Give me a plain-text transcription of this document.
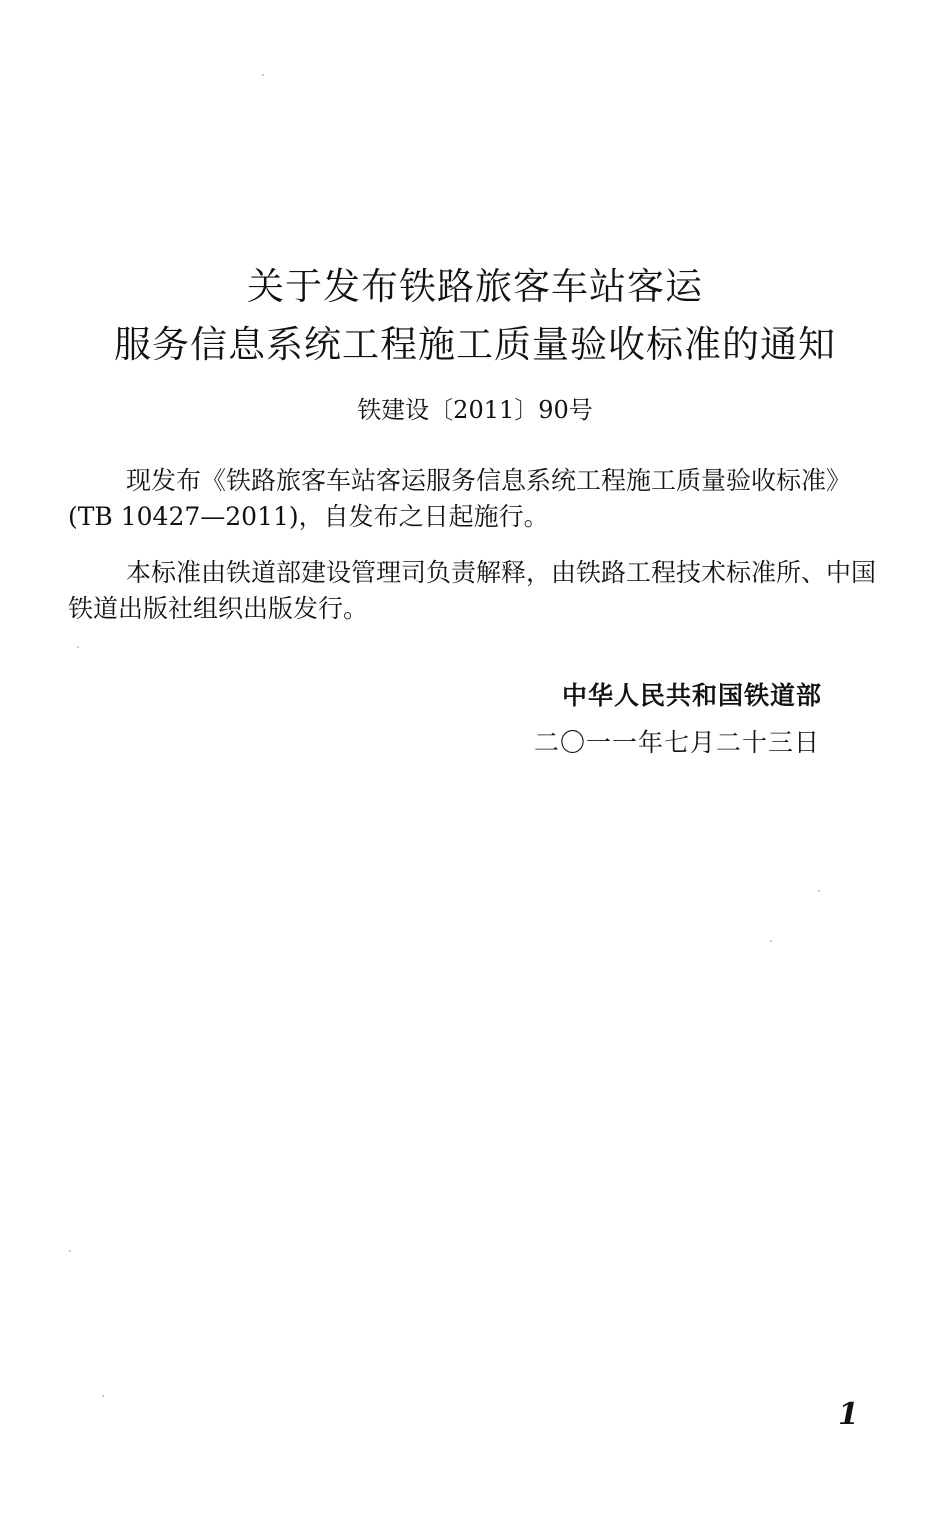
关于发布铁路旅客车站客运
服务信息系统工程施工质量验收标准的通知
铁建设〔2011〕90号

现发布《铁路旅客车站客运服务信息系统工程施工质量验收标准》(TB 10427—2011)，自发布之日起施行。

本标准由铁道部建设管理司负责解释，由铁路工程技术标准所、中国铁道出版社组织出版发行。

中华人民共和国铁道部
二〇一一年七月二十三日
1
